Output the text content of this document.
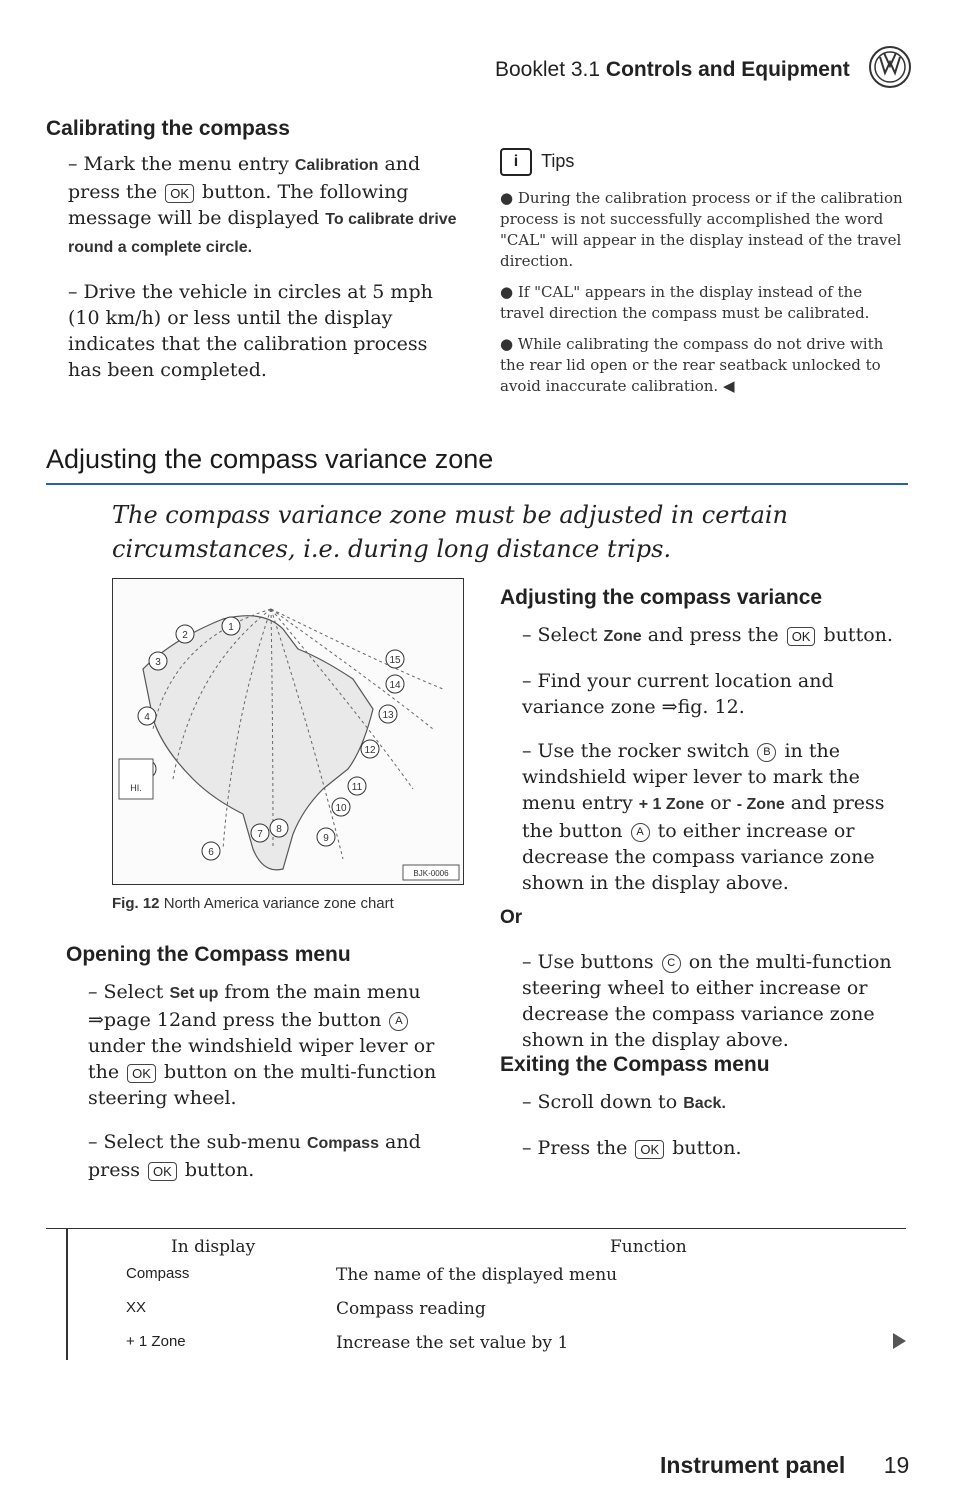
Booklet 3.1 Controls and Equipment
Calibrating the compass

– Mark the menu entry Calibration and press the OK button. The following message will be displayed To calibrate drive round a complete circle.

– Drive the vehicle in circles at 5 mph (10 km/h) or less until the display indicates that the calibration process has been completed.

i Tips

● During the calibration process or if the calibration process is not successfully accomplished the word "CAL" will appear in the display instead of the travel direction.

● If "CAL" appears in the display instead of the travel direction the compass must be calibrated.

● While calibrating the compass do not drive with the rear lid open or the rear seatback unlocked to avoid inaccurate calibration. ◀

Adjusting the compass variance zone
The compass variance zone must be adjusted in certain circumstances, i.e. during long distance trips.
1
2
3
4
6
7 8
9
10
11
12
13
14
15
HI.
BJK-0006
Fig. 12 North America variance zone chart
Opening the Compass menu

– Select Set up from the main menu ⇒page 12and press the button A under the windshield wiper lever or the OK button on the multi-function steering wheel.

– Select the sub-menu Compass and press OK button.

Adjusting the compass variance

– Select Zone and press the OK button.

– Find your current location and variance zone ⇒fig. 12.

– Use the rocker switch B in the windshield wiper lever to mark the menu entry + 1 Zone or - Zone and press the button A to either increase or decrease the compass variance zone shown in the display above.

Or

– Use buttons C on the multi-function steering wheel to either increase or decrease the compass variance zone shown in the display above.

Exiting the Compass menu

– Scroll down to Back.

– Press the OK button.

In display	Function
Compass	The name of the displayed menu
XX	Compass reading
+ 1 Zone	Increase the set value by 1
Instrument panel 19
